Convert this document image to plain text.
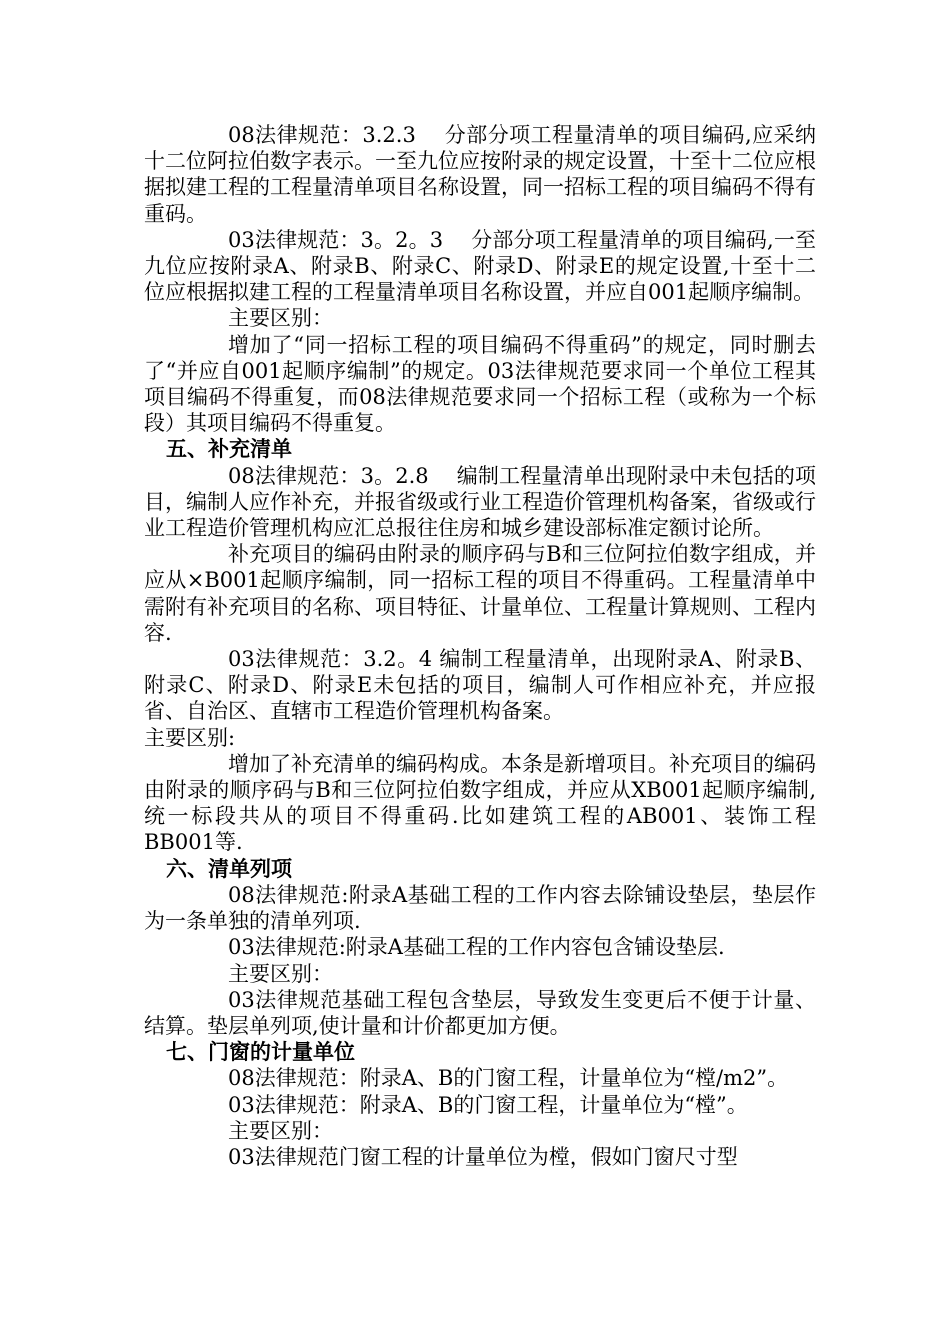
08法律规范：3.2.3　 分部分项工程量清单的项目编码,应采纳十二位阿拉伯数字表示。一至九位应按附录的规定设置，十至十二位应根据拟建工程的工程量清单项目名称设置，同一招标工程的项目编码不得有重码。

03法律规范：3。2。3　 分部分项工程量清单的项目编码,一至九位应按附录A、附录B、附录C、附录D、附录E的规定设置,十至十二位应根据拟建工程的工程量清单项目名称设置，并应自001起顺序编制。

主要区别：

增加了“同一招标工程的项目编码不得重码”的规定，同时删去了“并应自001起顺序编制”的规定。03法律规范要求同一个单位工程其项目编码不得重复，而08法律规范要求同一个招标工程（或称为一个标段）其项目编码不得重复。

五、补充清单

08法律规范：3。2.8　 编制工程量清单出现附录中未包括的项目，编制人应作补充，并报省级或行业工程造价管理机构备案，省级或行业工程造价管理机构应汇总报往住房和城乡建设部标准定额讨论所。

补充项目的编码由附录的顺序码与B和三位阿拉伯数字组成，并应从×B001起顺序编制，同一招标工程的项目不得重码。工程量清单中需附有补充项目的名称、项目特征、计量单位、工程量计算规则、工程内容.

03法律规范：3.2。4 编制工程量清单，出现附录A、附录B、附录C、附录D、附录E未包括的项目，编制人可作相应补充，并应报省、自治区、直辖市工程造价管理机构备案。

主要区别:

增加了补充清单的编码构成。本条是新增项目。补充项目的编码由附录的顺序码与B和三位阿拉伯数字组成，并应从XB001起顺序编制,统一标段共从的项目不得重码.比如建筑工程的AB001、装饰工程BB001等.

六、清单列项

08法律规范:附录A基础工程的工作内容去除铺设垫层，垫层作为一条单独的清单列项.

03法律规范:附录A基础工程的工作内容包含铺设垫层.

主要区别：

03法律规范基础工程包含垫层，导致发生变更后不便于计量、结算。垫层单列项,使计量和计价都更加方便。

七、门窗的计量单位

08法律规范：附录A、B的门窗工程，计量单位为“樘/m2”。

03法律规范：附录A、B的门窗工程，计量单位为“樘”。

主要区别：

03法律规范门窗工程的计量单位为樘，假如门窗尺寸型
